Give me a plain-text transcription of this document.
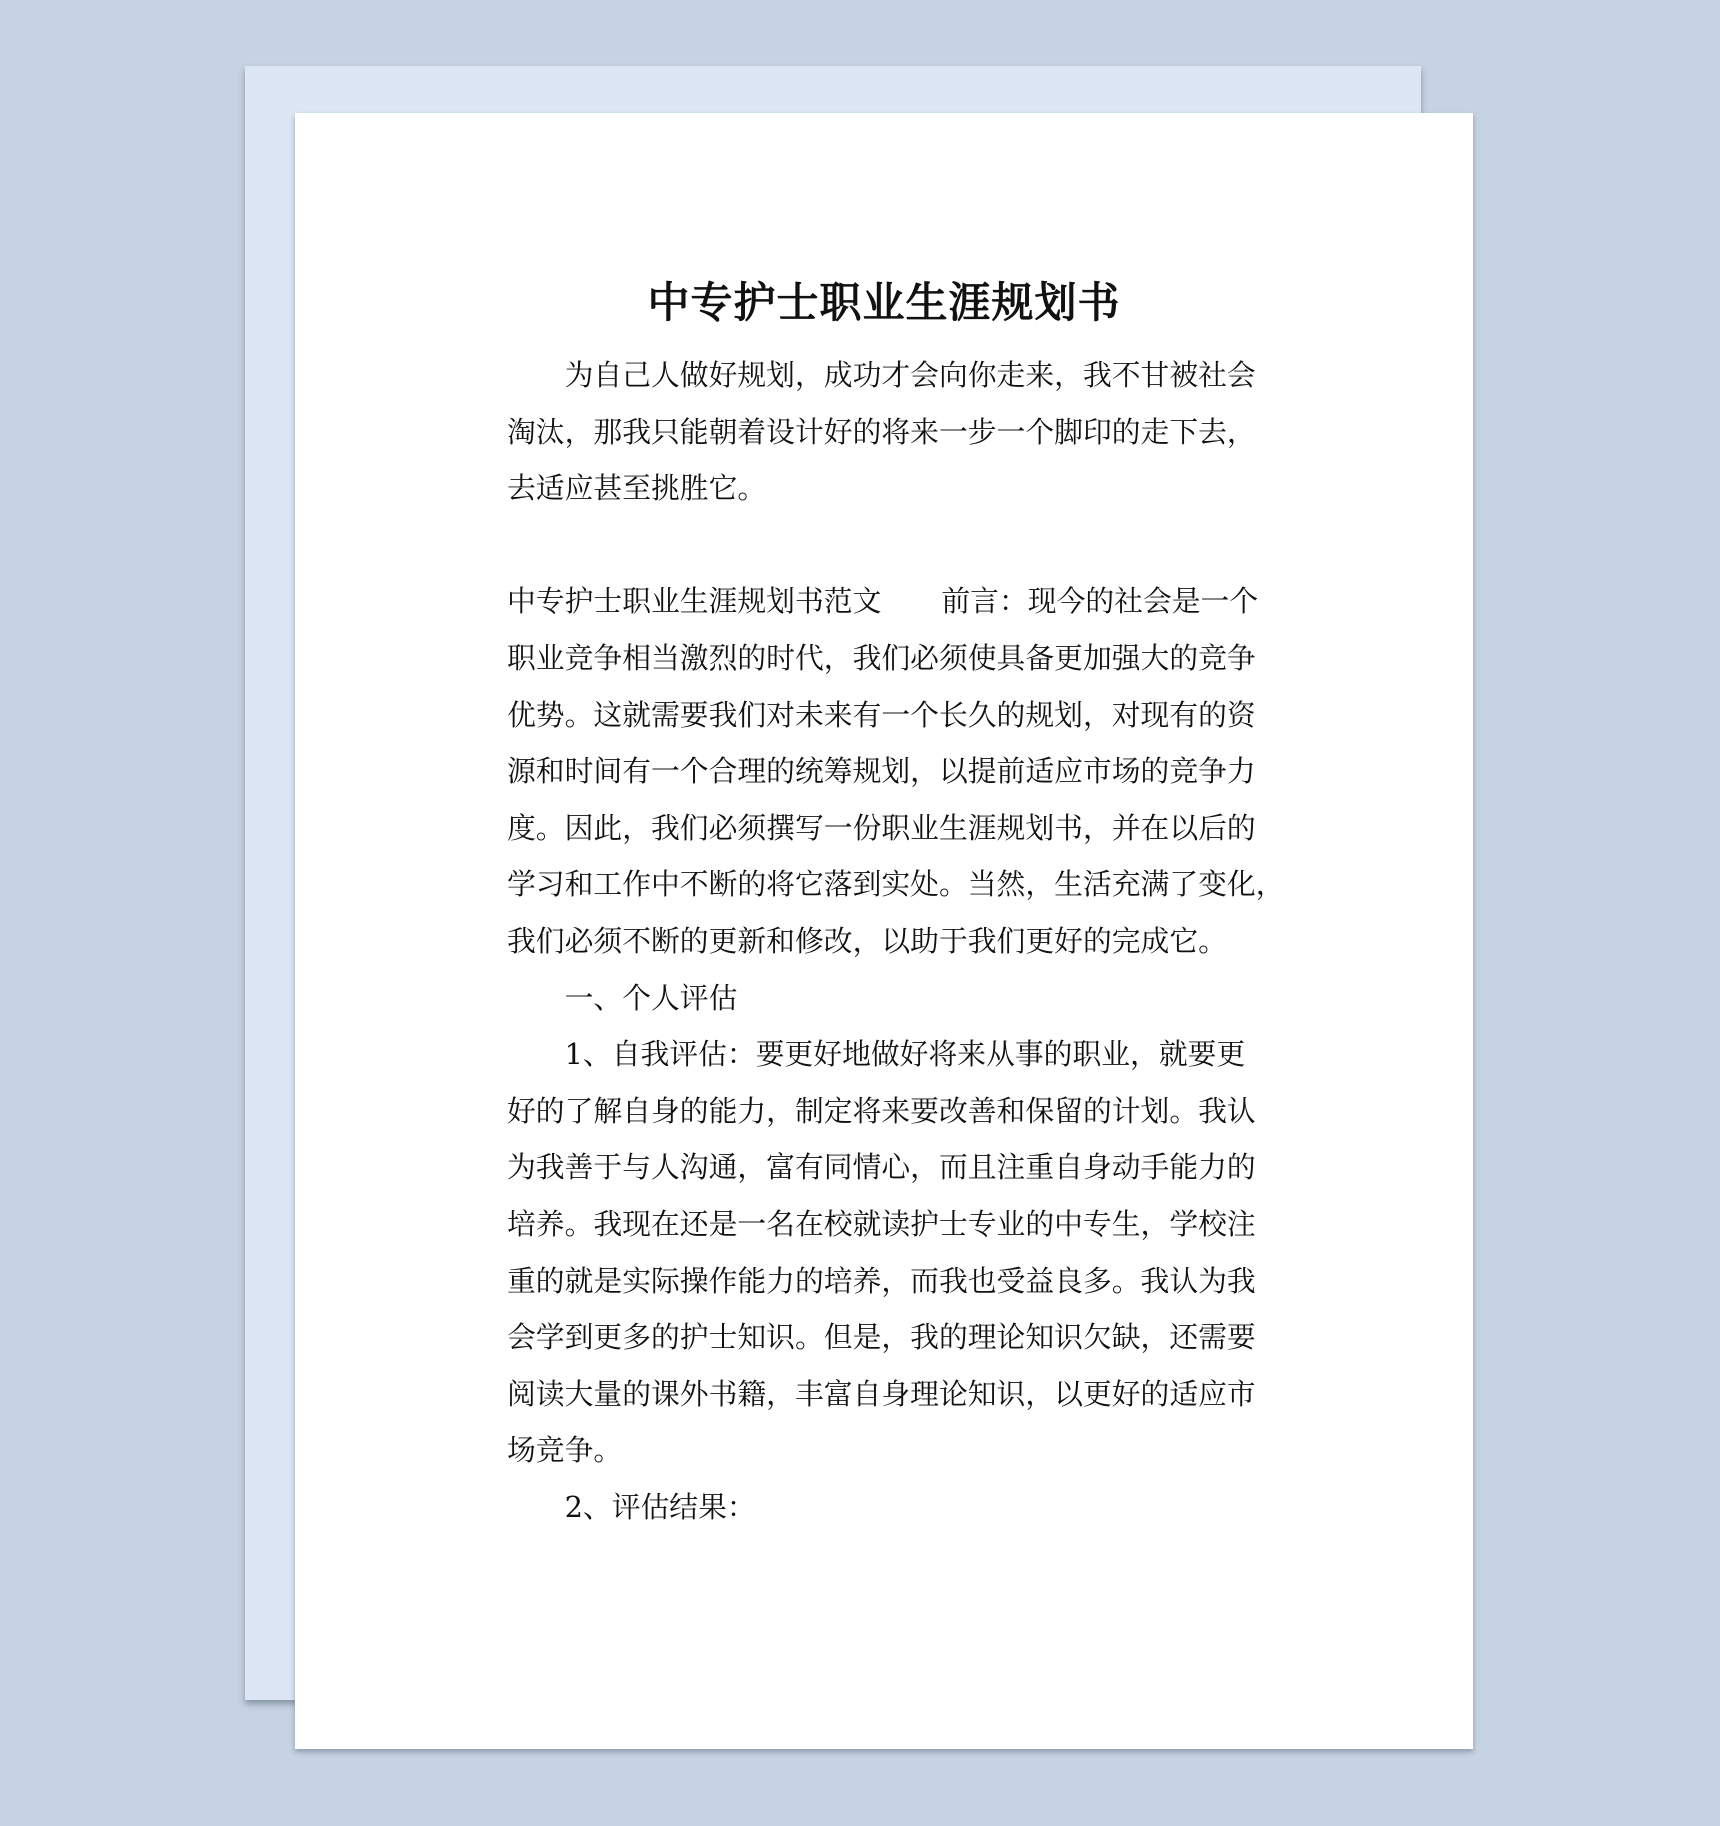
中专护士职业生涯规划书
为自己人做好规划，成功才会向你走来，我不甘被社会
淘汰，那我只能朝着设计好的将来一步一个脚印的走下去，
去适应甚至挑胜它。
中专护士职业生涯规划书范文 前言：现今的社会是一个
职业竞争相当激烈的时代，我们必须使具备更加强大的竞争
优势。这就需要我们对未来有一个长久的规划，对现有的资
源和时间有一个合理的统筹规划，以提前适应市场的竞争力
度。因此，我们必须撰写一份职业生涯规划书，并在以后的
学习和工作中不断的将它落到实处。当然，生活充满了变化，
我们必须不断的更新和修改，以助于我们更好的完成它。
一、个人评估
1、自我评估：要更好地做好将来从事的职业，就要更
好的了解自身的能力，制定将来要改善和保留的计划。我认
为我善于与人沟通，富有同情心，而且注重自身动手能力的
培养。我现在还是一名在校就读护士专业的中专生，学校注
重的就是实际操作能力的培养，而我也受益良多。我认为我
会学到更多的护士知识。但是，我的理论知识欠缺，还需要
阅读大量的课外书籍，丰富自身理论知识，以更好的适应市
场竞争。
2、评估结果：
